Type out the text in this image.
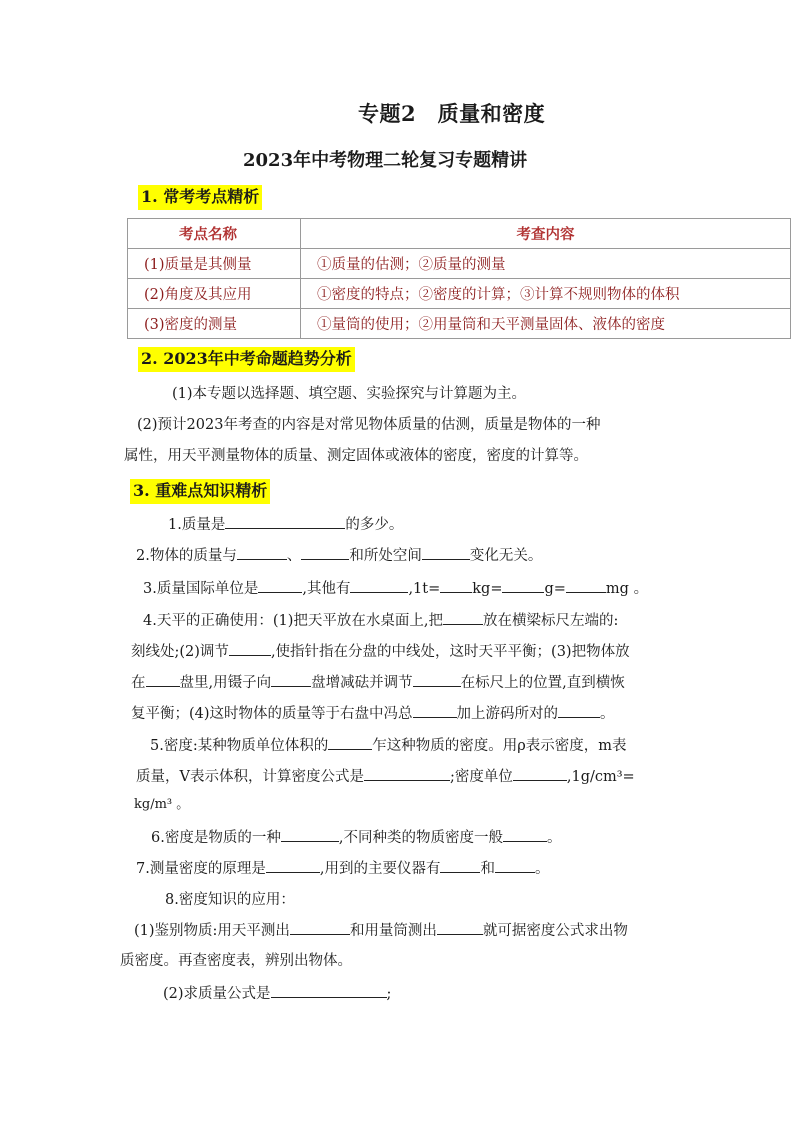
专题2　质量和密度
2023年中考物理二轮复习专题精讲
1. 常考考点精析
考点名称	考查内容
(1)质量是其侧量	①质量的估测；②质量的测量
(2)角度及其应用	①密度的特点；②密度的计算；③计算不规则物体的体积
(3)密度的测量	①量筒的使用；②用量筒和天平测量固体、液体的密度
2. 2023年中考命题趋势分析
(1)本专题以选择题、填空题、实验探究与计算题为主。
(2)预计2023年考查的内容是对常见物体质量的估测，质量是物体的一种
属性，用天平测量物体的质量、测定固体或液体的密度，密度的计算等。
3. 重难点知识精析
1.质量是	的多少。
2.物体的质量与	、	和所处空间	变化无关。
3.质量国际单位是	,其他有	,1t= kg=	g=	mg 。
4.天平的正确使用：(1)把天平放在水桌面上,把	放在横梁标尺左端的:
刻线处;(2)调节	,使指针指在分盘的中线处，这时天平平衡；(3)把物体放
在 盘里,用镊子向	盘增减砝并调节	在标尺上的位置,直到横恢
复平衡；(4)这时物体的质量等于右盘中冯总	加上游码所对的	。
5.密度:某种物质单位体积的	乍这种物质的密度。用ρ表示密度，m表
质量，V表示体积，计算密度公式是	;密度单位	,1g/cm³=
kg/m³ 。
6.密度是物质的一种	,不同种类的物质密度一般	。
7.测量密度的原理是	,用到的主要仪器有	和	。
8.密度知识的应用：
(1)鉴别物质:用天平测出	和用量筒测出	就可据密度公式求出物
质密度。再查密度表，辨别出物体。
(2)求质量公式是	;
